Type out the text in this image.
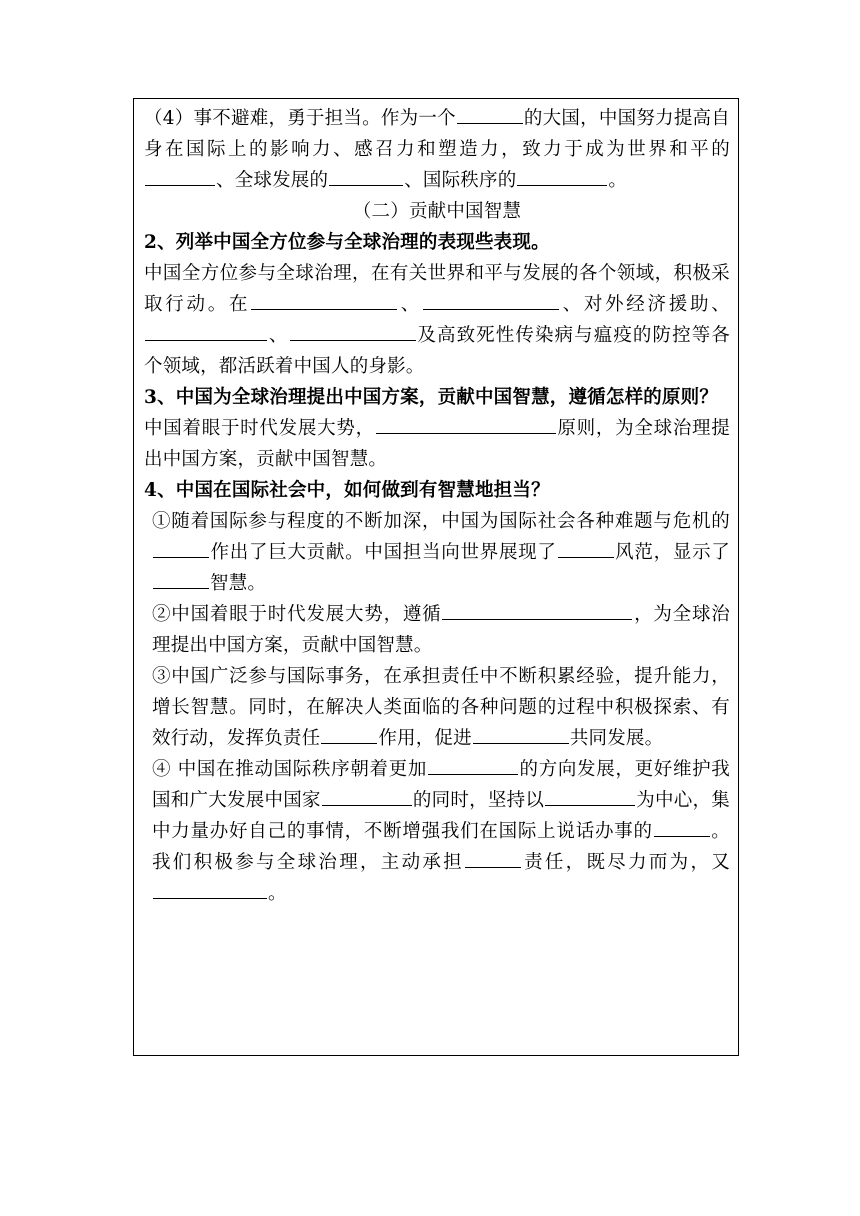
（4）事不避难，勇于担当。作为一个	的大国，中国努力提高自身在国际上的影响力、感召力和塑造力，致力于成为世界和平的、全球发展的	、国际秩序的	。

（二）贡献中国智慧

2、列举中国全方位参与全球治理的表现些表现。

中国全方位参与全球治理，在有关世界和平与发展的各个领域，积极采取行动。在	、	、对外经济援助、、	及高致死性传染病与瘟疫的防控等各个领域，都活跃着中国人的身影。

3、中国为全球治理提出中国方案，贡献中国智慧，遵循怎样的原则？

中国着眼于时代发展大势，	原则，为全球治理提出中国方案，贡献中国智慧。

4、中国在国际社会中，如何做到有智慧地担当？

①随着国际参与程度的不断加深，中国为国际社会各种难题与危机的作出了巨大贡献。中国担当向世界展现了	风范，显示了智慧。

②中国着眼于时代发展大势，遵循	，为全球治理提出中国方案，贡献中国智慧。

③中国广泛参与国际事务，在承担责任中不断积累经验，提升能力，增长智慧。同时，在解决人类面临的各种问题的过程中积极探索、有效行动，发挥负责任	作用，促进	共同发展。

④ 中国在推动国际秩序朝着更加	的方向发展，更好维护我国和广大发展中国家	的同时，坚持以	为中心，集中力量办好自己的事情，不断增强我们在国际上说话办事的	。我们积极参与全球治理，主动承担	责任，既尽力而为，又。
